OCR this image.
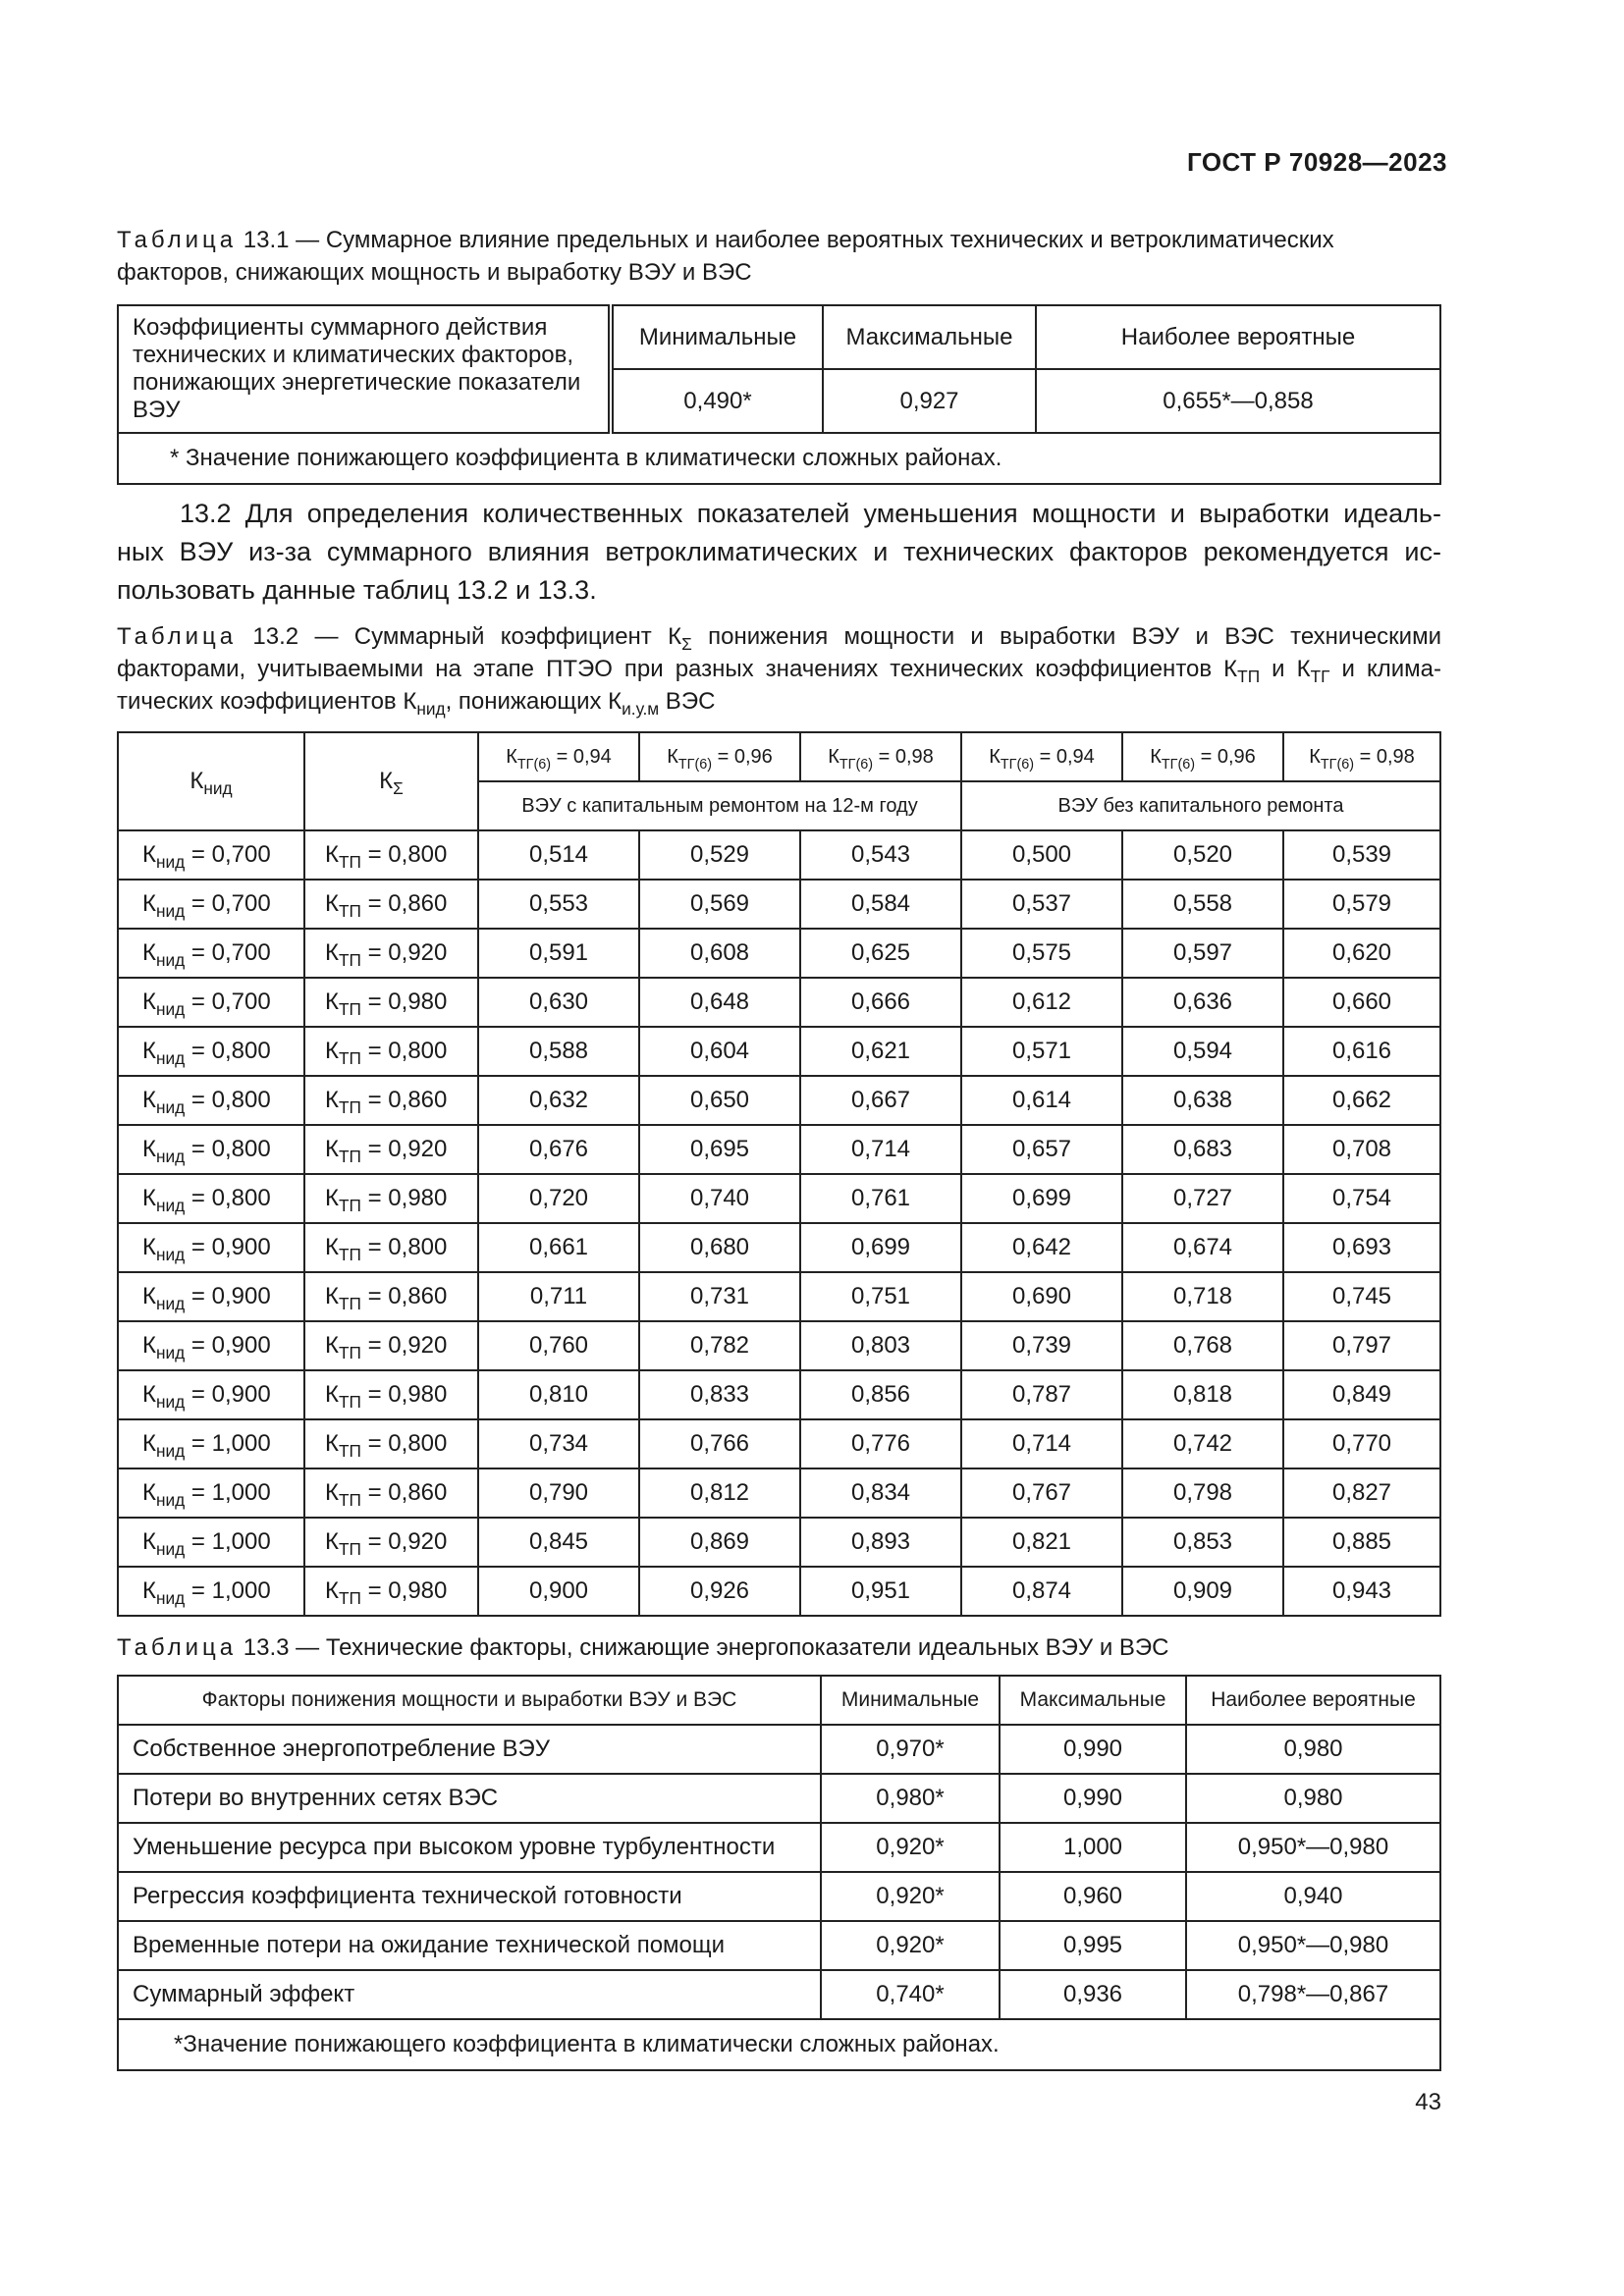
ГОСТ Р 70928—2023
Таблица 13.1 — Суммарное влияние предельных и наиболее вероятных технических и ветроклиматических
факторов, снижающих мощность и выработку ВЭУ и ВЭС
Коэффициенты суммарного действия технических и климатических факторов, понижающих энергетические показатели ВЭУ	Минимальные	Максимальные	Наиболее вероятные
	0,490*	0,927	0,655*—0,858
* Значение понижающего коэффициента в климатически сложных районах.			
13.2 Для определения количественных показателей уменьшения мощности и выработки идеаль-
ных ВЭУ из-за суммарного влияния ветроклиматических и технических факторов рекомендуется ис-
пользовать данные таблиц 13.2 и 13.3.
Таблица 13.2 — Суммарный коэффициент $К_\Sigma$ понижения мощности и выработки ВЭУ и ВЭС техническими
факторами, учитываемыми на этапе ПТЭО при разных значениях технических коэффициентов $К_{ТП}$ и $К_{ТГ}$ и клима-
тических коэффициентов $К_{нид}$, понижающих $К_{и.у.м}$ ВЭС
$К_{нид}$	$К_\Sigma$	$К_{ТГ(6)} = 0,94$	$К_{ТГ(6)} = 0,96$	$К_{ТГ(6)} = 0,98$	$К_{ТГ(6)} = 0,94$	$К_{ТГ(6)} = 0,96$	$К_{ТГ(6)} = 0,98$
		ВЭУ с капитальным ремонтом на 12-м году			ВЭУ без капитального ремонта		
$К_{нид} = 0,700$	$К_{ТП} = 0,800$	0,514	0,529	0,543	0,500	0,520	0,539
$К_{нид} = 0,700$	$К_{ТП} = 0,860$	0,553	0,569	0,584	0,537	0,558	0,579
$К_{нид} = 0,700$	$К_{ТП} = 0,920$	0,591	0,608	0,625	0,575	0,597	0,620
$К_{нид} = 0,700$	$К_{ТП} = 0,980$	0,630	0,648	0,666	0,612	0,636	0,660
$К_{нид} = 0,800$	$К_{ТП} = 0,800$	0,588	0,604	0,621	0,571	0,594	0,616
$К_{нид} = 0,800$	$К_{ТП} = 0,860$	0,632	0,650	0,667	0,614	0,638	0,662
$К_{нид} = 0,800$	$К_{ТП} = 0,920$	0,676	0,695	0,714	0,657	0,683	0,708
$К_{нид} = 0,800$	$К_{ТП} = 0,980$	0,720	0,740	0,761	0,699	0,727	0,754
$К_{нид} = 0,900$	$К_{ТП} = 0,800$	0,661	0,680	0,699	0,642	0,674	0,693
$К_{нид} = 0,900$	$К_{ТП} = 0,860$	0,711	0,731	0,751	0,690	0,718	0,745
$К_{нид} = 0,900$	$К_{ТП} = 0,920$	0,760	0,782	0,803	0,739	0,768	0,797
$К_{нид} = 0,900$	$К_{ТП} = 0,980$	0,810	0,833	0,856	0,787	0,818	0,849
$К_{нид} = 1,000$	$К_{ТП} = 0,800$	0,734	0,766	0,776	0,714	0,742	0,770
$К_{нид} = 1,000$	$К_{ТП} = 0,860$	0,790	0,812	0,834	0,767	0,798	0,827
$К_{нид} = 1,000$	$К_{ТП} = 0,920$	0,845	0,869	0,893	0,821	0,853	0,885
$К_{нид} = 1,000$	$К_{ТП} = 0,980$	0,900	0,926	0,951	0,874	0,909	0,943
Таблица 13.3 — Технические факторы, снижающие энергопоказатели идеальных ВЭУ и ВЭС
Факторы понижения мощности и выработки ВЭУ и ВЭС	Минимальные	Максимальные	Наиболее вероятные
Собственное энергопотребление ВЭУ	0,970*	0,990	0,980
Потери во внутренних сетях ВЭС	0,980*	0,990	0,980
Уменьшение ресурса при высоком уровне турбулентности	0,920*	1,000	0,950*—0,980
Регрессия коэффициента технической готовности	0,920*	0,960	0,940
Временные потери на ожидание технической помощи	0,920*	0,995	0,950*—0,980
Суммарный эффект	0,740*	0,936	0,798*—0,867
*Значение понижающего коэффициента в климатически сложных районах.			
43
